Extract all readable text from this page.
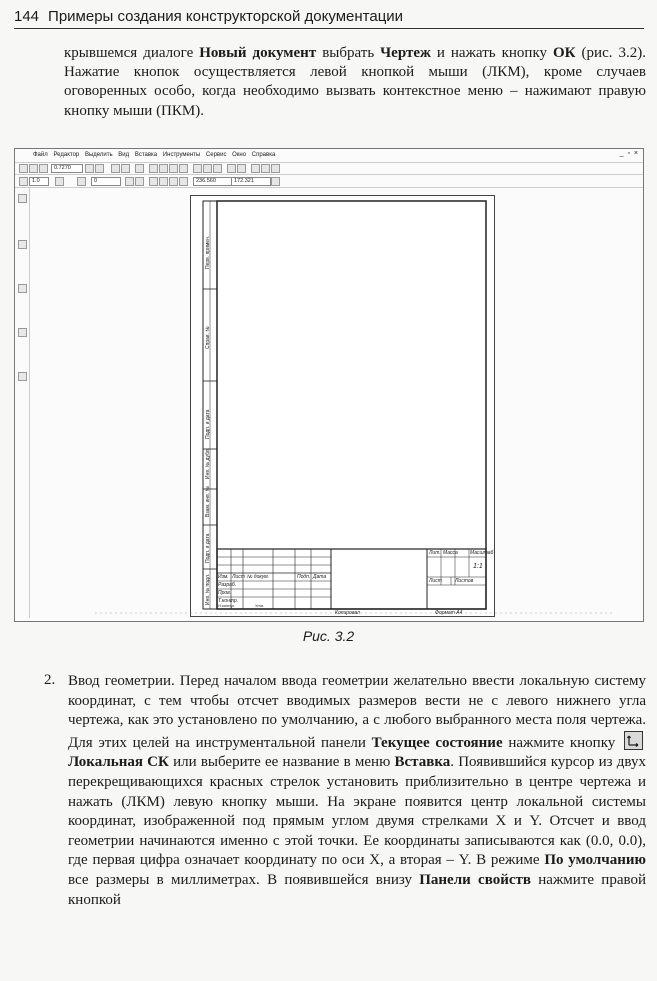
144 Примеры создания конструкторской документации
крывшемся диалоге Новый документ выбрать Чертеж и нажать кнопку ОК (рис. 3.2). Нажатие кнопок осуществляется левой кнопкой мыши (ЛКМ), кроме случаев оговоренных особо, когда необходимо вызвать контекстное меню – нажимают правую кнопку мыши (ПКМ).
Файл Редактор Выделить Вид Вставка Инструменты Сервис Окно Справка	_ ▫ ×
0.7270
1.0	0	236.560	172.321
Перв. примен.
Справ. №
Подп. и дата
Инв. № дубл.
Взам. инв. №
Подп. и дата
Инв. № подл. Изм. Лист № докум.	Подп. Дата
Разраб.
Пров.
Т.контр.
Н.контр.	Утв.
Лит. Масса Масштаб
1:1
Лист	Листов
Копировал	Формат А4
Рис. 3.2
2. Ввод геометрии. Перед началом ввода геометрии желательно ввести локальную систему координат, с тем чтобы отсчет вводимых размеров вести не с левого нижнего угла чертежа, как это установлено по умолчанию, а с любого выбранного места поля чертежа. Для этих целей на инструментальной панели Текущее состояние нажмите кнопку
Локальная СК или выберите ее название в меню Вставка. Появившийся курсор из двух перекрещивающихся красных стрелок установить приблизительно в центре чертежа и нажать (ЛКМ) левую кнопку мыши. На экране появится центр локальной системы координат, изображенной под прямым углом двумя стрелками X и Y. Отсчет и ввод геометрии начинаются именно с этой точки. Ее координаты записываются как (0.0, 0.0), где первая цифра означает координату по оси X, а вторая – Y. В режиме По умолчанию все размеры в миллиметрах. В появившейся внизу Панели свойств нажмите правой кнопкой
